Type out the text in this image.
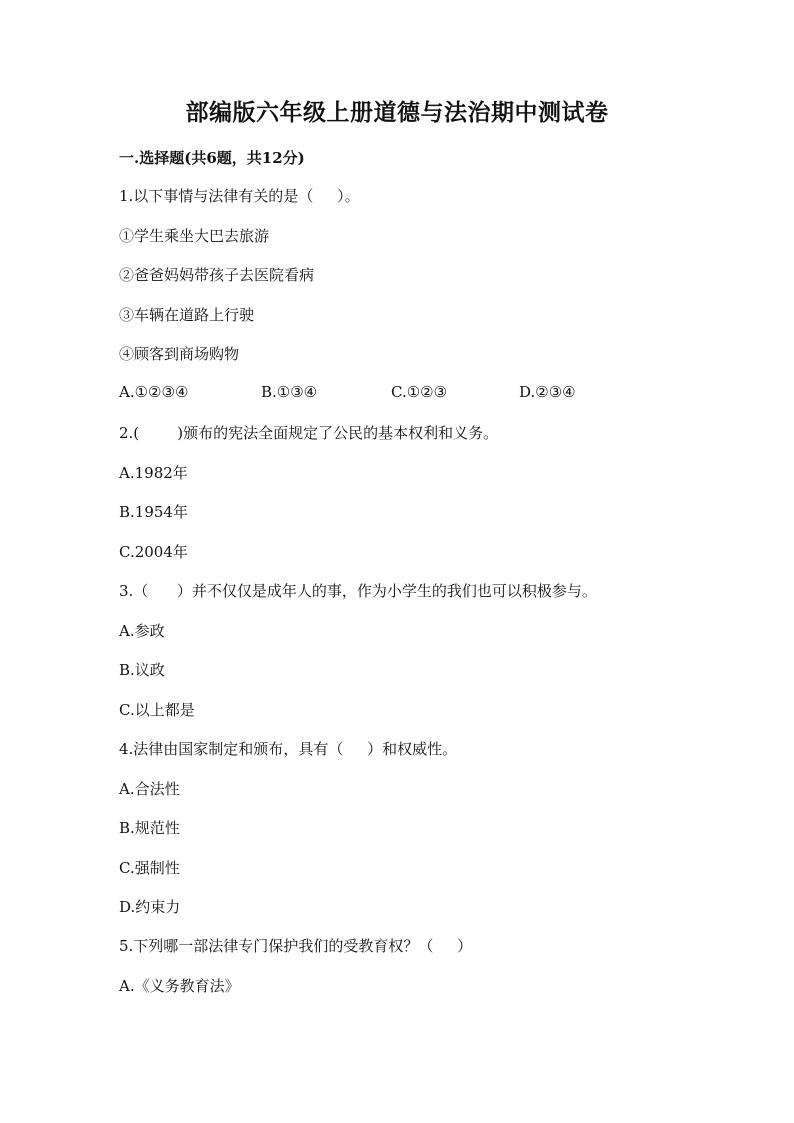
部编版六年级上册道德与法治期中测试卷
一.选择题(共6题，共12分)
1.以下事情与法律有关的是（     ）。
①学生乘坐大巴去旅游
②爸爸妈妈带孩子去医院看病
③车辆在道路上行驶
④顾客到商场购物

A.①②③④

	B.①③④

	C.①②③

	D.②③④

2.(        )颁布的宪法全面规定了公民的基本权利和义务。
A.1982年
B.1954年
C.2004年
3.（      ）并不仅仅是成年人的事，作为小学生的我们也可以积极参与。
A.参政
B.议政
C.以上都是
4.法律由国家制定和颁布，具有（     ）和权威性。
A.合法性
B.规范性
C.强制性
D.约束力
5.下列哪一部法律专门保护我们的受教育权？（     ）
A.《义务教育法》
